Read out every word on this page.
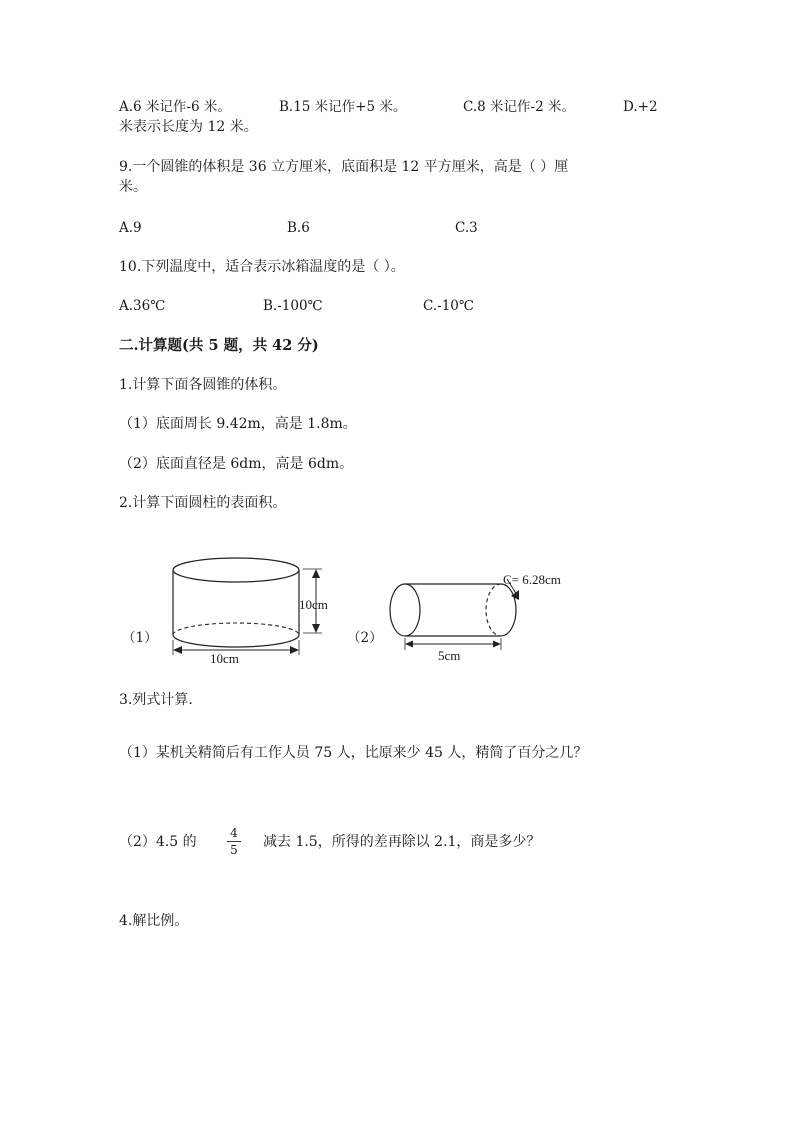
A.6 米记作-6 米。	B.15 米记作+5 米。	C.8 米记作-2 米。	D.+2
米表示长度为 12 米。
9.一个圆锥的体积是 36 立方厘米，底面积是 12 平方厘米，高是（ ）厘
米。
A.9	B.6	C.3
10.下列温度中，适合表示冰箱温度的是（ ）。
A.36℃	B.-100℃	C.-10℃
二.计算题(共 5 题，共 42 分)
1.计算下面各圆锥的体积。
（1）底面周长 9.42m，高是 1.8m。
（2）底面直径是 6dm，高是 6dm。
2.计算下面圆柱的表面积。
（1）	（2）
10cm
10cm
C= 6.28cm
5cm
3.列式计算.
（1）某机关精简后有工作人员 75 人，比原来少 45 人，精简了百分之几？
（2）4.5 的
4
5 减去 1.5，所得的差再除以 2.1，商是多少？
4.解比例。
